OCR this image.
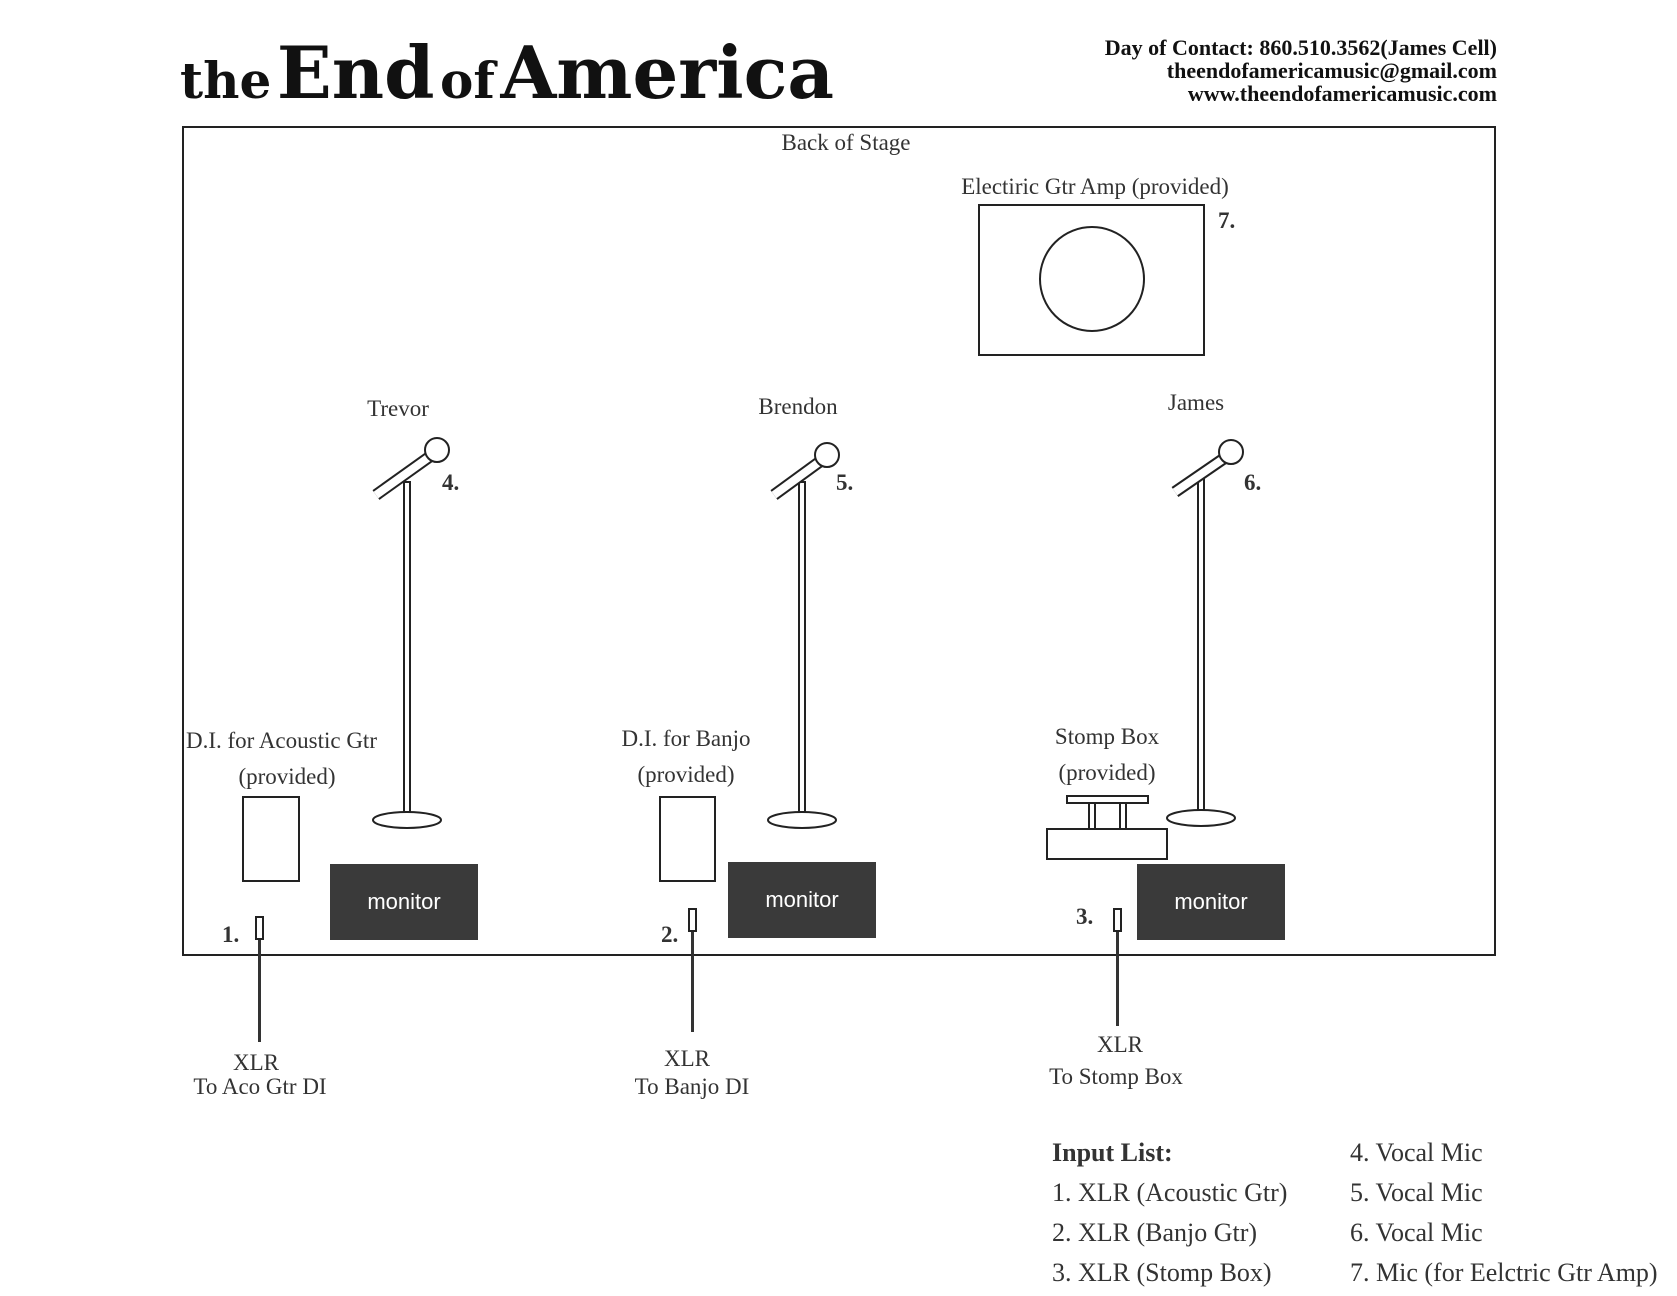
the End of America	Day of Contact: 860.510.3562(James Cell)
theendofamericamusic@gmail.com
www.theendofamericamusic.com
Back of Stage
Electiric Gtr Amp (provided)
7.
Trevor	Brendon	James
4.	5.	6.
D.I. for Acoustic Gtr
(provided)
D.I. for Banjo
(provided)
Stomp Box
(provided)
monitor	monitor	monitor
1.	2.
3.
XLR
To Aco Gtr DI
XLR
To Banjo DI
XLR
To Stomp Box
Input List:
1. XLR (Acoustic Gtr)
2. XLR (Banjo Gtr)
3. XLR (Stomp Box)
4. Vocal Mic
5. Vocal Mic
6. Vocal Mic
7. Mic (for Eelctric Gtr Amp)
